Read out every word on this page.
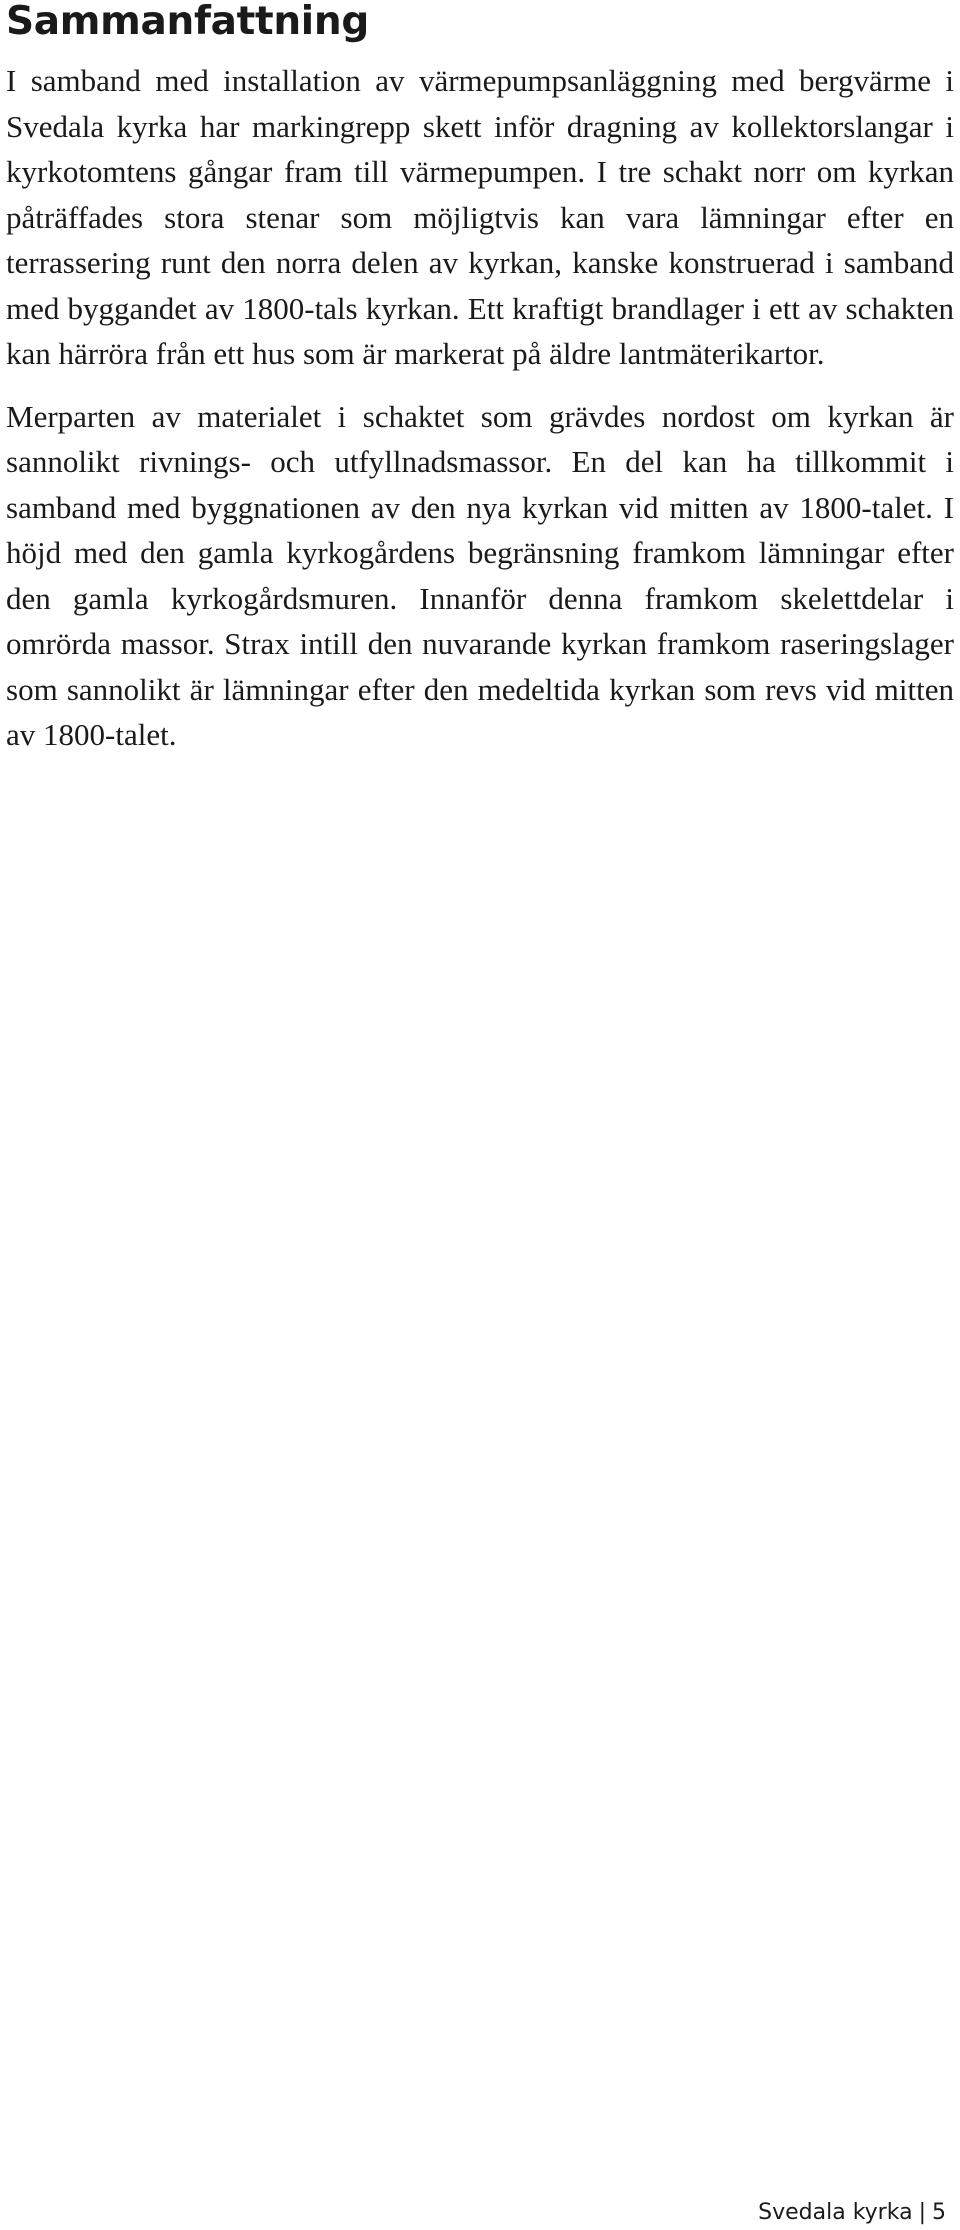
Sammanfattning

I samband med installation av värmepumpsanläggning med bergvärme i Svedala kyrka har markingrepp skett inför dragning av kollektorslangar i kyrkotomtens gångar fram till värmepumpen. I tre schakt norr om kyrkan påträffades stora stenar som möjligtvis kan vara lämningar efter en terrassering runt den norra delen av kyrkan, kanske konstruerad i samband med byggandet av 1800-tals kyrkan. Ett kraftigt brandlager i ett av schakten kan härröra från ett hus som är markerat på äldre lantmäterikartor.

Merparten av materialet i schaktet som grävdes nordost om kyrkan är sannolikt rivnings- och utfyllnadsmassor. En del kan ha tillkommit i samband med byggnationen av den nya kyrkan vid mitten av 1800-talet. I höjd med den gamla kyrkogårdens begränsning framkom lämningar efter den gamla kyrkogårdsmuren. Innanför denna framkom skelettdelar i omrörda massor. Strax intill den nuvarande kyrkan framkom raseringslager som sannolikt är lämningar efter den medeltida kyrkan som revs vid mitten av 1800-talet.

Svedala kyrka | 5
